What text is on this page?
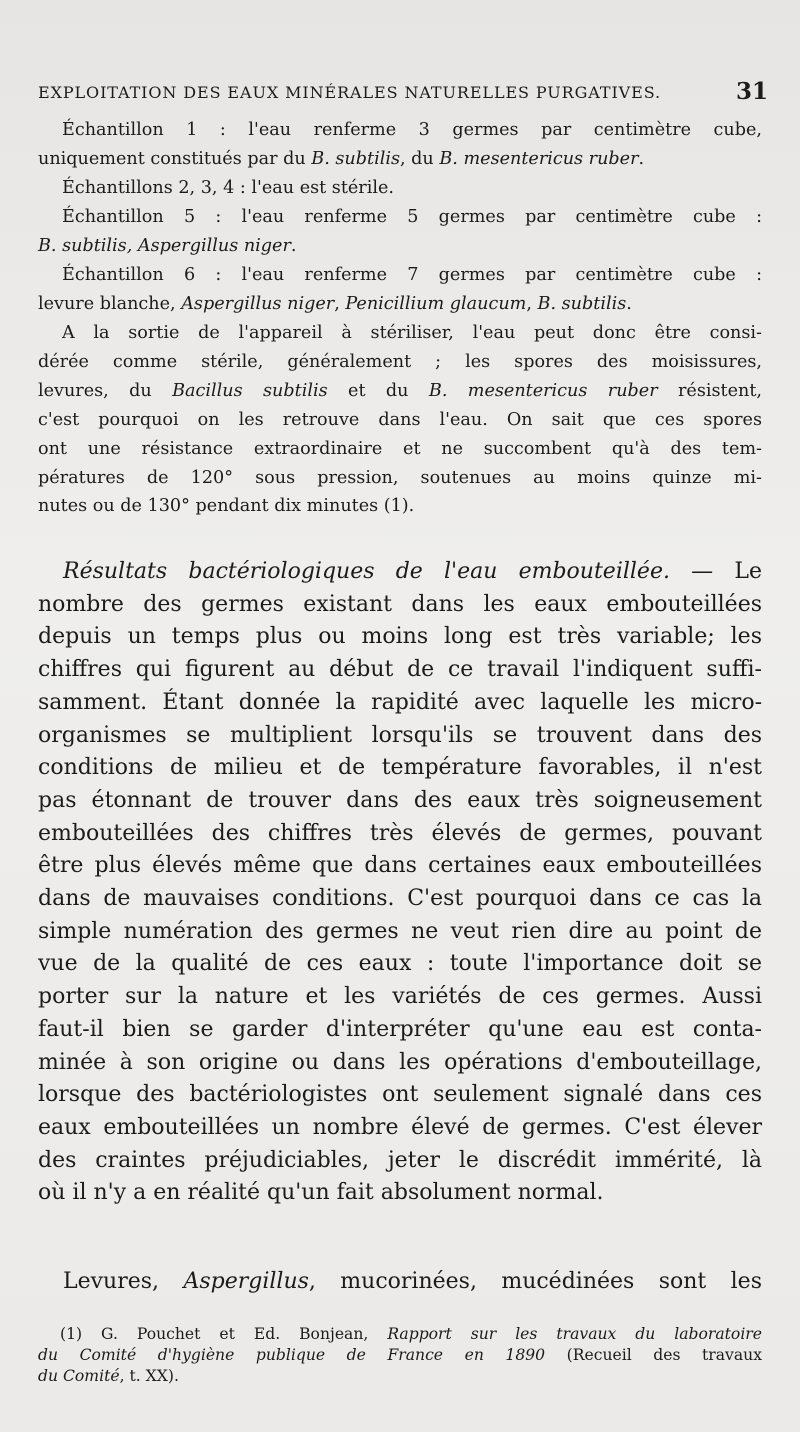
EXPLOITATION DES EAUX MINÉRALES NATURELLES PURGATIVES.	31
Échantillon 1 : l'eau renferme 3 germes par centimètre cube,
uniquement constitués par du B. subtilis, du B. mesentericus ruber.
Échantillons 2, 3, 4 : l'eau est stérile.
Échantillon 5 : l'eau renferme 5 germes par centimètre cube :
B. subtilis, Aspergillus niger.
Échantillon 6 : l'eau renferme 7 germes par centimètre cube :
levure blanche, Aspergillus niger, Penicillium glaucum, B. subtilis.
A la sortie de l'appareil à stériliser, l'eau peut donc être consi-
dérée comme stérile, généralement ; les spores des moisissures,
levures, du Bacillus subtilis et du B. mesentericus ruber résistent,
c'est pourquoi on les retrouve dans l'eau. On sait que ces spores
ont une résistance extraordinaire et ne succombent qu'à des tem-
pératures de 120° sous pression, soutenues au moins quinze mi-
nutes ou de 130° pendant dix minutes (1).
Résultats bactériologiques de l'eau embouteillée. — Le
nombre des germes existant dans les eaux embouteillées
depuis un temps plus ou moins long est très variable; les
chiffres qui figurent au début de ce travail l'indiquent suffi-
samment. Étant donnée la rapidité avec laquelle les micro-
organismes se multiplient lorsqu'ils se trouvent dans des
conditions de milieu et de température favorables, il n'est
pas étonnant de trouver dans des eaux très soigneusement
embouteillées des chiffres très élevés de germes, pouvant
être plus élevés même que dans certaines eaux embouteillées
dans de mauvaises conditions. C'est pourquoi dans ce cas la
simple numération des germes ne veut rien dire au point de
vue de la qualité de ces eaux : toute l'importance doit se
porter sur la nature et les variétés de ces germes. Aussi
faut-il bien se garder d'interpréter qu'une eau est conta-
minée à son origine ou dans les opérations d'embouteillage,
lorsque des bactériologistes ont seulement signalé dans ces
eaux embouteillées un nombre élevé de germes. C'est élever
des craintes préjudiciables, jeter le discrédit immérité, là
où il n'y a en réalité qu'un fait absolument normal.
Levures, Aspergillus, mucorinées, mucédinées sont les
(1) G. Pouchet et Ed. Bonjean, Rapport sur les travaux du laboratoire
du Comité d'hygiène publique de France en 1890 (Recueil des travaux
du Comité, t. XX).
